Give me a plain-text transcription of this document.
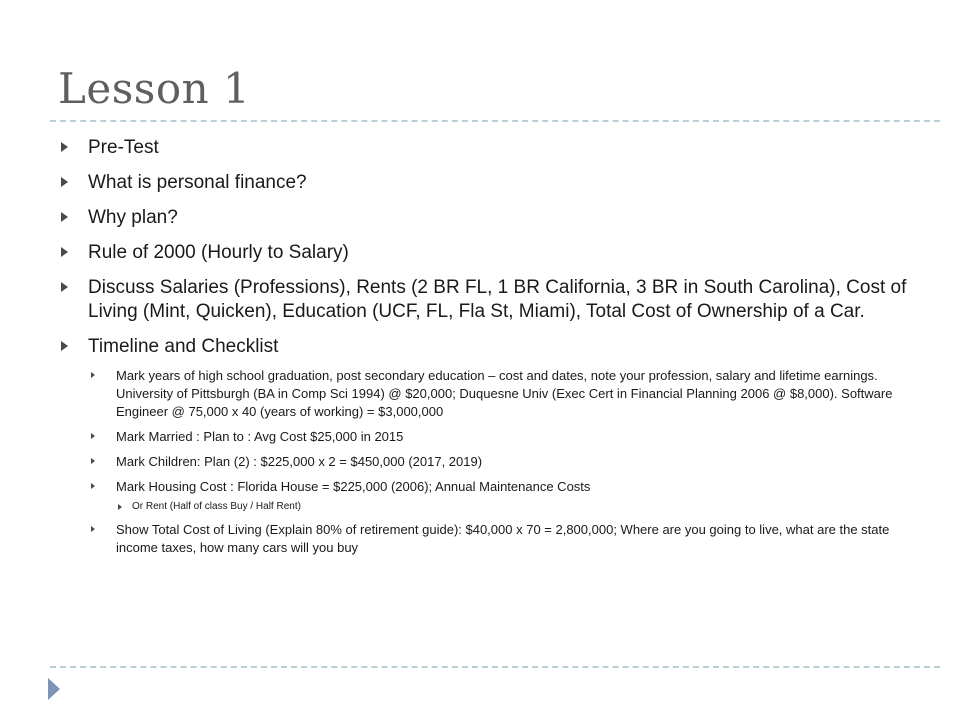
Lesson 1
Pre-Test
What is personal finance?
Why plan?
Rule of 2000 (Hourly to Salary)
Discuss Salaries (Professions), Rents (2 BR FL, 1 BR California, 3 BR in South Carolina), Cost of Living (Mint, Quicken), Education (UCF, FL, Fla St, Miami), Total Cost of Ownership of a Car.
Timeline and Checklist
Mark years of high school graduation, post secondary education – cost and dates, note your profession, salary and lifetime earnings. University of Pittsburgh (BA in Comp Sci 1994) @ $20,000; Duquesne Univ (Exec Cert in Financial Planning 2006 @ $8,000). Software Engineer @ 75,000 x 40 (years of working) = $3,000,000
Mark Married : Plan to : Avg Cost $25,000 in 2015
Mark Children: Plan (2) : $225,000 x 2 = $450,000 (2017, 2019)
Mark Housing Cost : Florida House = $225,000 (2006); Annual Maintenance Costs
Or Rent (Half of class Buy / Half Rent)
Show Total Cost of Living (Explain 80% of retirement guide): $40,000 x 70 = 2,800,000; Where are you going to live, what are the state income taxes, how many cars will you buy
